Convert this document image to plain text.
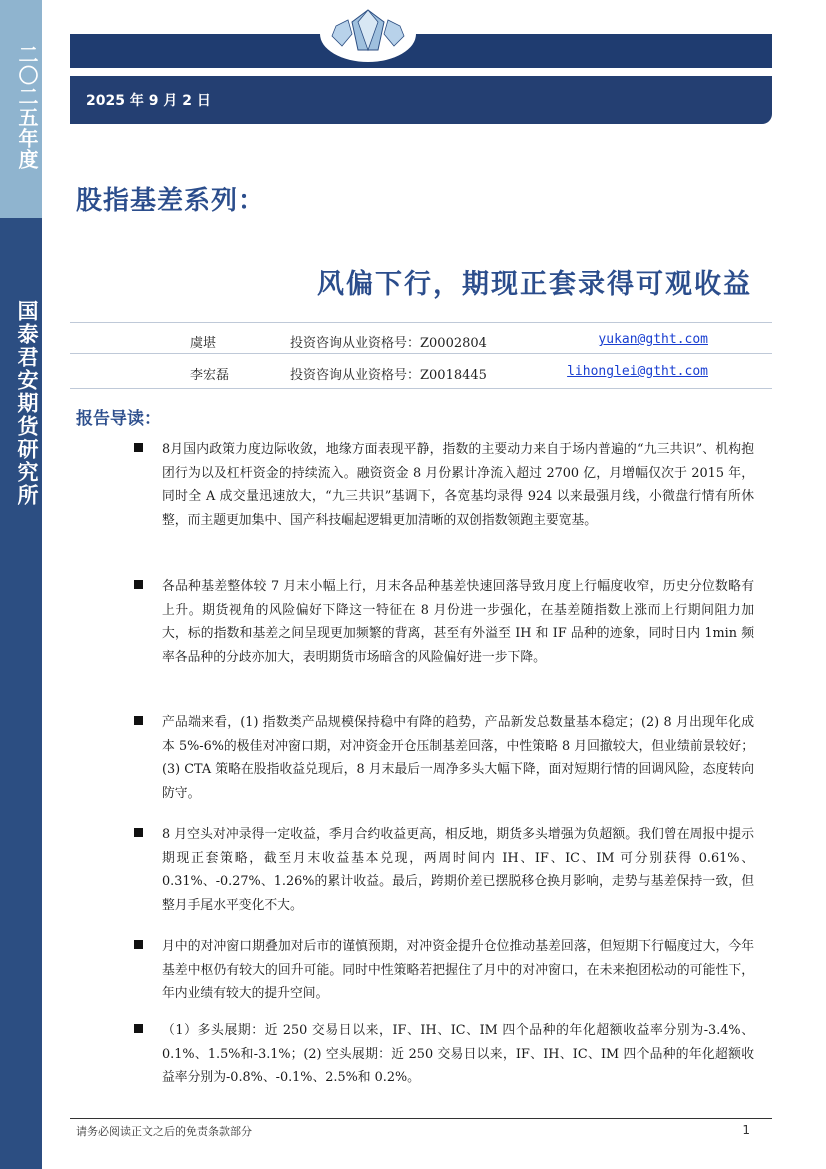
二〇二五年度
国泰君安期货研究所
2025 年 9 月 2 日
股指基差系列：
风偏下行，期现正套录得可观收益
虞堪	投资咨询从业资格号：Z0002804	yukan@gtht.com
李宏磊	投资咨询从业资格号：Z0018445	lihonglei@gtht.com
报告导读：
8月国内政策力度边际收敛，地缘方面表现平静，指数的主要动力来自于场内普遍的“九三共识”、机构抱团行为以及杠杆资金的持续流入。融资资金 8 月份累计净流入超过 2700 亿，月增幅仅次于 2015 年，同时全 A 成交量迅速放大，“九三共识”基调下，各宽基均录得 924 以来最强月线，小微盘行情有所休整，而主题更加集中、国产科技崛起逻辑更加清晰的双创指数领跑主要宽基。
各品种基差整体较 7 月末小幅上行，月末各品种基差快速回落导致月度上行幅度收窄，历史分位数略有上升。期货视角的风险偏好下降这一特征在 8 月份进一步强化，在基差随指数上涨而上行期间阻力加大，标的指数和基差之间呈现更加频繁的背离，甚至有外溢至 IH 和 IF 品种的迹象，同时日内 1min 频率各品种的分歧亦加大，表明期货市场暗含的风险偏好进一步下降。
产品端来看，(1) 指数类产品规模保持稳中有降的趋势，产品新发总数量基本稳定；(2) 8 月出现年化成本 5%-6%的极佳对冲窗口期，对冲资金开仓压制基差回落，中性策略 8 月回撤较大，但业绩前景较好；(3) CTA 策略在股指收益兑现后，8 月末最后一周净多头大幅下降，面对短期行情的回调风险，态度转向防守。
8 月空头对冲录得一定收益，季月合约收益更高，相反地，期货多头增强为负超额。我们曾在周报中提示期现正套策略，截至月末收益基本兑现，两周时间内 IH、IF、IC、IM 可分别获得 0.61%、0.31%、-0.27%、1.26%的累计收益。最后，跨期价差已摆脱移仓换月影响，走势与基差保持一致，但整月手尾水平变化不大。
月中的对冲窗口期叠加对后市的谨慎预期，对冲资金提升仓位推动基差回落，但短期下行幅度过大，今年基差中枢仍有较大的回升可能。同时中性策略若把握住了月中的对冲窗口，在未来抱团松动的可能性下，年内业绩有较大的提升空间。
（1）多头展期：近 250 交易日以来，IF、IH、IC、IM 四个品种的年化超额收益率分别为-3.4%、0.1%、1.5%和-3.1%；(2) 空头展期：近 250 交易日以来，IF、IH、IC、IM 四个品种的年化超额收益率分别为-0.8%、-0.1%、2.5%和 0.2%。
请务必阅读正文之后的免责条款部分	1
